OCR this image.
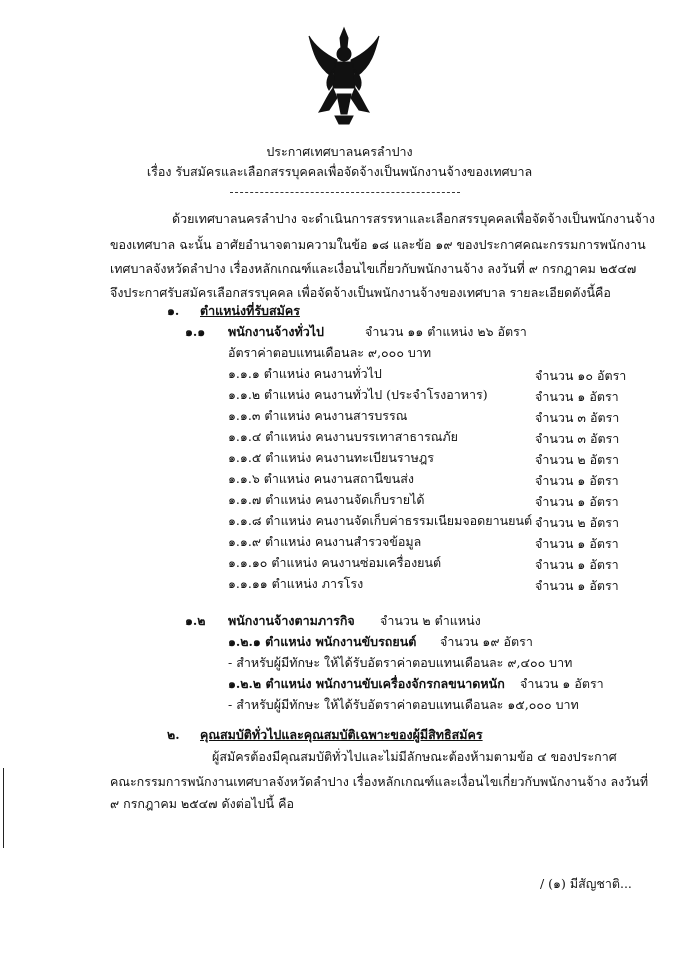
ประกาศเทศบาลนครลำปาง
เรื่อง รับสมัครและเลือกสรรบุคคลเพื่อจัดจ้างเป็นพนักงานจ้างของเทศบาล
ด้วยเทศบาลนครลำปาง จะดำเนินการสรรหาและเลือกสรรบุคคลเพื่อจัดจ้างเป็นพนักงานจ้าง
ของเทศบาล ฉะนั้น อาศัยอำนาจตามความในข้อ ๑๘ และข้อ ๑๙ ของประกาศคณะกรรมการพนักงาน
เทศบาลจังหวัดลำปาง เรื่องหลักเกณฑ์และเงื่อนไขเกี่ยวกับพนักงานจ้าง ลงวันที่ ๙ กรกฎาคม ๒๕๔๗
จึงประกาศรับสมัครเลือกสรรบุคคล เพื่อจัดจ้างเป็นพนักงานจ้างของเทศบาล รายละเอียดดังนี้คือ
๑. ตำแหน่งที่รับสมัคร
๑.๑ พนักงานจ้างทั่วไป	จำนวน ๑๑ ตำแหน่ง ๒๖ อัตรา
อัตราค่าตอบแทนเดือนละ ๙,๐๐๐ บาท
๑.๑.๑ ตำแหน่ง คนงานทั่วไป	จำนวน ๑๐ อัตรา
๑.๑.๒ ตำแหน่ง คนงานทั่วไป (ประจำโรงอาหาร)	จำนวน ๑ อัตรา
๑.๑.๓ ตำแหน่ง คนงานสารบรรณ	จำนวน ๓ อัตรา
๑.๑.๔ ตำแหน่ง คนงานบรรเทาสาธารณภัย	จำนวน ๓ อัตรา
๑.๑.๕ ตำแหน่ง คนงานทะเบียนราษฎร	จำนวน ๒ อัตรา
๑.๑.๖ ตำแหน่ง คนงานสถานีขนส่ง	จำนวน ๑ อัตรา
๑.๑.๗ ตำแหน่ง คนงานจัดเก็บรายได้	จำนวน ๑ อัตรา
๑.๑.๘ ตำแหน่ง คนงานจัดเก็บค่าธรรมเนียมจอดยานยนต์ จำนวน ๒ อัตรา
๑.๑.๙ ตำแหน่ง คนงานสำรวจข้อมูล	จำนวน ๑ อัตรา
๑.๑.๑๐ ตำแหน่ง คนงานซ่อมเครื่องยนต์	จำนวน ๑ อัตรา
๑.๑.๑๑ ตำแหน่ง ภารโรง	จำนวน ๑ อัตรา
๑.๒ พนักงานจ้างตามภารกิจ จำนวน ๒ ตำแหน่ง
๑.๒.๑ ตำแหน่ง พนักงานขับรถยนต์ จำนวน ๑๙ อัตรา
- สำหรับผู้มีทักษะ ให้ได้รับอัตราค่าตอบแทนเดือนละ ๙,๔๐๐ บาท
๑.๒.๒ ตำแหน่ง พนักงานขับเครื่องจักรกลขนาดหนัก จำนวน ๑ อัตรา
- สำหรับผู้มีทักษะ ให้ได้รับอัตราค่าตอบแทนเดือนละ ๑๕,๐๐๐ บาท
๒. คุณสมบัติทั่วไปและคุณสมบัติเฉพาะของผู้มีสิทธิสมัคร
ผู้สมัครต้องมีคุณสมบัติทั่วไปและไม่มีลักษณะต้องห้ามตามข้อ ๔ ของประกาศ
คณะกรรมการพนักงานเทศบาลจังหวัดลำปาง เรื่องหลักเกณฑ์และเงื่อนไขเกี่ยวกับพนักงานจ้าง ลงวันที่
๙ กรกฎาคม ๒๕๔๗ ดังต่อไปนี้ คือ
/ (๑) มีสัญชาติ...
